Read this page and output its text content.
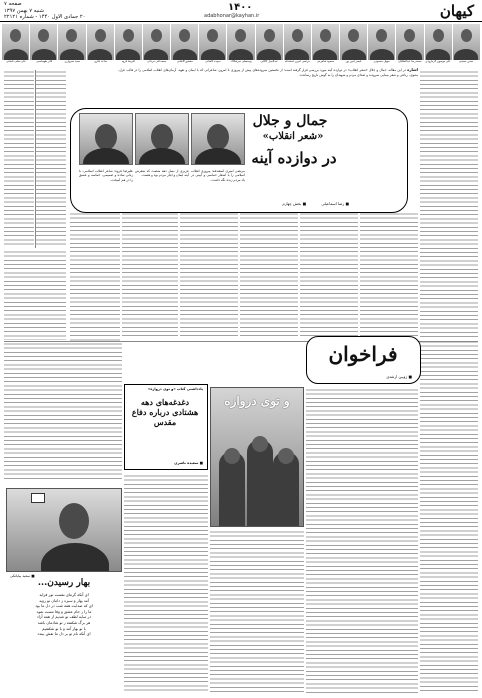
کیهان
۱۴۰۰
adabhonar@kayhan.ir
صفحه ۷
شنبه ۷ بهمن ۱۳۹۷
۲۰ جمادی الاول ۱۴۴۰ - شماره ۲۲۱۲۱
علی معلم دامغانی	قادر طهماسبی	حمید سبزواری	ساعد باقری	علیرضا قزوه	محمدعلی مردانی	مشفق کاشانی	سپیده کاشانی	یوسفعلی میرشکاک	عبدالجبار کاکایی	مرتضی امیری اسفندقه	محمود شاهرخی	قیصر امین پور	سهیل محمودی	محمدرضا عبدالملکیان	علی موسوی گرمارودی	حسن حسینی
اشاره در این مقاله، جمال و جلال «شعر انقلاب» در دوازده آینه مورد بررسی قرار گرفته است؛ از نخستین سروده‌های پیش از پیروزی تا امروز، شاعرانی که با ایمان و تعهد، آرمان‌های انقلاب اسلامی را در قالب غزل، مثنوی، رباعی و شعر نیمایی سرودند و صدای مردم و شهیدان را به گوش تاریخ رساندند.
علیرضا قزوه: شاعر انقلاب اسلامی، با زبانی ساده و صمیمی، حماسه و عشق را در هم آمیخت.
عزیزی از نسل دهه شصت که شعرش آینه ایمان و ایثار مردم بود و هست.
مرتضی امیری اسفندقه: پیروزی انقلاب اسلامی را با اشعار حماسی و آیینی در یاد مردم زنده نگه داشت.
جمال و جلال
«شعر انقلاب»
در دوازده آینه
■ رضا اسماعیلی ■ بخش چهارم
فراخوان
■ ژوبین ارشدی
و توی دروازه
یادداشتی کتاب «و توی دروازه»
دغدغه‌های دهه هشتادی درباره دفاع مقدس
■ سعیده ناصری
■ سعید بیابانکی
بهار رسیدن...
ای آنکه گرمای نفست نور فزاید
آمد بهار و سبزه ز دامان تو روید
ای که صدایت همه شب در دل ما بود
ما را ز جام عشق و وفا مست نمود
در سایه لطف تو شدیم از همه آزاد
هر برگ شکفته ز تو شادمان باشد
با تو بهار آمد و با تو شکفتیم
ای آنکه نام تو بر دل ما نقش ببندد
